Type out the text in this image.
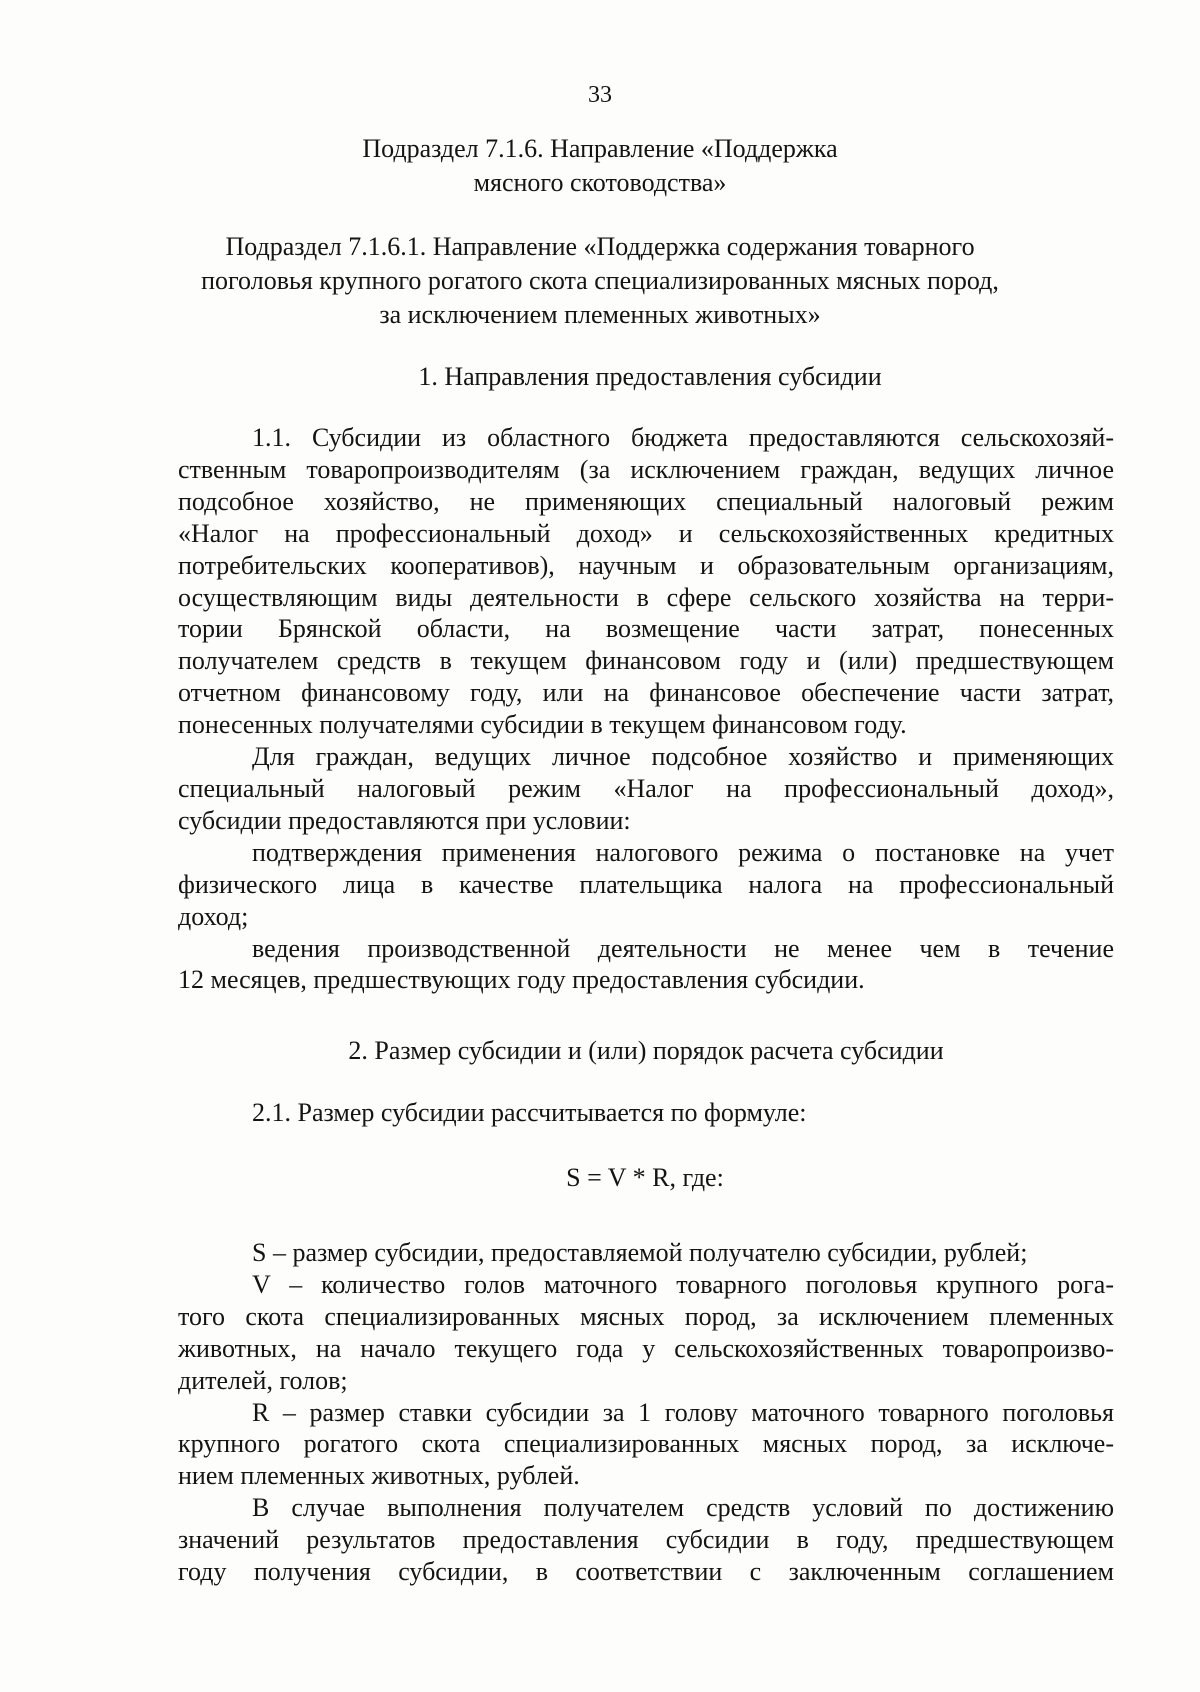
33
Подраздел 7.1.6. Направление «Поддержка
мясного скотоводства»
Подраздел 7.1.6.1. Направление «Поддержка содержания товарного
поголовья крупного рогатого скота специализированных мясных пород,
за исключением племенных животных»
1. Направления предоставления субсидии

1.1. Субсидии из областного бюджета предоставляются сельскохозяй-

ственным товаропроизводителям (за исключением граждан, ведущих личное

подсобное хозяйство, не применяющих специальный налоговый режим

«Налог на профессиональный доход» и сельскохозяйственных кредитных

потребительских кооперативов), научным и образовательным организациям,

осуществляющим виды деятельности в сфере сельского хозяйства на терри-

тории Брянской области, на возмещение части затрат, понесенных

получателем средств в текущем финансовом году и (или) предшествующем

отчетном финансовому году, или на финансовое обеспечение части затрат,

понесенных получателями субсидии в текущем финансовом году.

Для граждан, ведущих личное подсобное хозяйство и применяющих

специальный налоговый режим «Налог на профессиональный доход»,

субсидии предоставляются при условии:

подтверждения применения налогового режима о постановке на учет

физического лица в качестве плательщика налога на профессиональный

доход;

ведения производственной деятельности не менее чем в течение

12 месяцев, предшествующих году предоставления субсидии.

2. Размер субсидии и (или) порядок расчета субсидии

2.1. Размер субсидии рассчитывается по формуле:

S = V * R, где:

S – размер субсидии, предоставляемой получателю субсидии, рублей;

V – количество голов маточного товарного поголовья крупного рога-

того скота специализированных мясных пород, за исключением племенных

животных, на начало текущего года у сельскохозяйственных товаропроизво-

дителей, голов;

R – размер ставки субсидии за 1 голову маточного товарного поголовья

крупного рогатого скота специализированных мясных пород, за исключе-

нием племенных животных, рублей.

В случае выполнения получателем средств условий по достижению

значений результатов предоставления субсидии в году, предшествующем

году получения субсидии, в соответствии с заключенным соглашением
